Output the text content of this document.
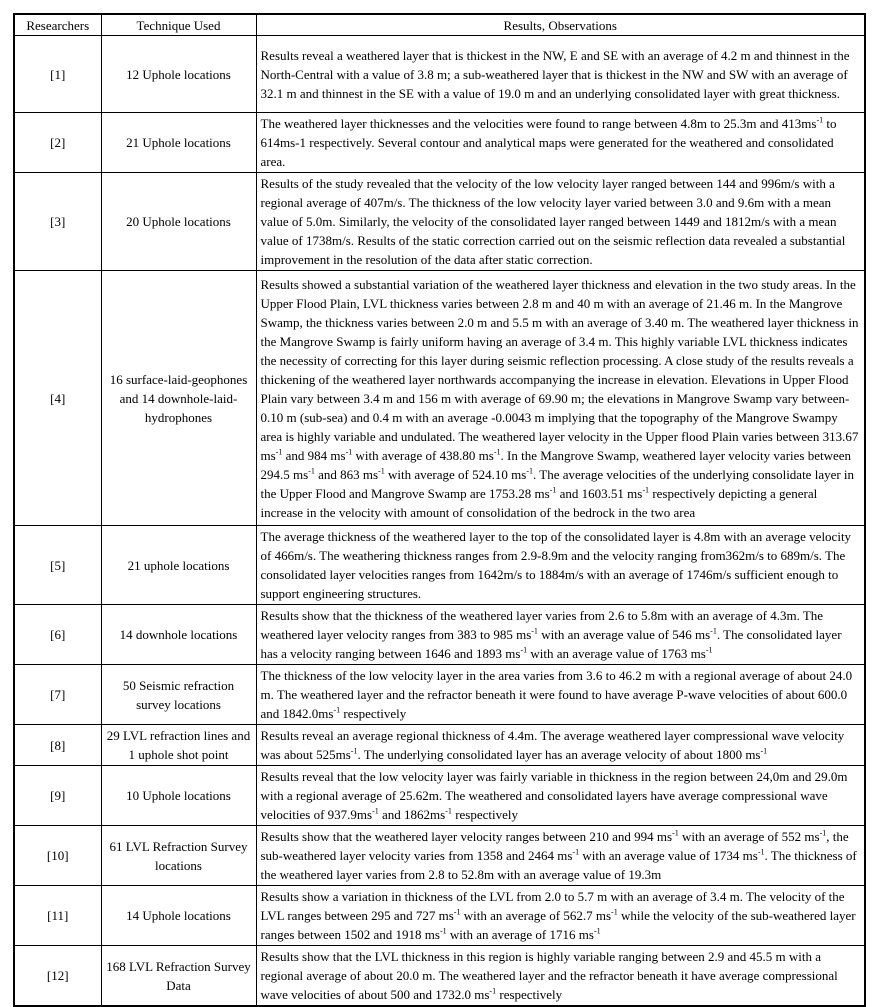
Researchers	Technique Used	Results, Observations
[1]	12 Uphole locations	Results reveal a weathered layer that is thickest in the NW, E and SE with an average of 4.2 m and thinnest in the North-Central with a value of 3.8 m; a sub-weathered layer that is thickest in the NW and SW with an average of 32.1 m and thinnest in the SE with a value of 19.0 m and an underlying consolidated layer with great thickness.
[2]	21 Uphole locations	The weathered layer thicknesses and the velocities were found to range between 4.8m to 25.3m and $413ms^{-1}$ to 614ms-1 respectively. Several contour and analytical maps were generated for the weathered and consolidated area.
[3]	20 Uphole locations	Results of the study revealed that the velocity of the low velocity layer ranged between 144 and 996m/s with a regional average of 407m/s. The thickness of the low velocity layer varied between 3.0 and 9.6m with a mean value of 5.0m. Similarly, the velocity of the consolidated layer ranged between 1449 and 1812m/s with a mean value of 1738m/s. Results of the static correction carried out on the seismic reflection data revealed a substantial improvement in the resolution of the data after static correction.
[4]	16 surface-laid-geophones and 14 downhole-laid-hydrophones	Results showed a substantial variation of the weathered layer thickness and elevation in the two study areas. In the Upper Flood Plain, LVL thickness varies between 2.8 m and 40 m with an average of 21.46 m. In the Mangrove Swamp, the thickness varies between 2.0 m and 5.5 m with an average of 3.40 m. The weathered layer thickness in the Mangrove Swamp is fairly uniform having an average of 3.4 m. This highly variable LVL thickness indicates the necessity of correcting for this layer during seismic reflection processing. A close study of the results reveals a thickening of the weathered layer northwards accompanying the increase in elevation. Elevations in Upper Flood Plain vary between 3.4 m and 156 m with average of 69.90 m; the elevations in Mangrove Swamp vary between-0.10 m (sub-sea) and 0.4 m with an average -0.0043 m implying that the topography of the Mangrove Swampy area is highly variable and undulated. The weathered layer velocity in the Upper flood Plain varies between 313.67 $ms^{-1}$ and 984 $ms^{-1}$ with average of 438.80 $ms^{-1}$. In the Mangrove Swamp, weathered layer velocity varies between 294.5 $ms^{-1}$ and 863 $ms^{-1}$ with average of 524.10 $ms^{-1}$. The average velocities of the underlying consolidate layer in the Upper Flood and Mangrove Swamp are 1753.28 $ms^{-1}$ and 1603.51 $ms^{-1}$ respectively depicting a general increase in the velocity with amount of consolidation of the bedrock in the two area
[5]	21 uphole locations	The average thickness of the weathered layer to the top of the consolidated layer is 4.8m with an average velocity of 466m/s. The weathering thickness ranges from 2.9-8.9m and the velocity ranging from362m/s to 689m/s. The consolidated layer velocities ranges from 1642m/s to 1884m/s with an average of 1746m/s sufficient enough to support engineering structures.
[6]	14 downhole locations	Results show that the thickness of the weathered layer varies from 2.6 to 5.8m with an average of 4.3m. The weathered layer velocity ranges from 383 to 985 $ms^{-1}$ with an average value of 546 $ms^{-1}$. The consolidated layer has a velocity ranging between 1646 and 1893 $ms^{-1}$ with an average value of 1763 $ms^{-1}$
[7]	50 Seismic refraction survey locations	The thickness of the low velocity layer in the area varies from 3.6 to 46.2 m with a regional average of about 24.0 m. The weathered layer and the refractor beneath it were found to have average P-wave velocities of about 600.0 and $1842.0ms^{-1}$ respectively
[8]	29 LVL refraction lines and 1 uphole shot point	Results reveal an average regional thickness of 4.4m. The average weathered layer compressional wave velocity was about $525ms^{-1}$. The underlying consolidated layer has an average velocity of about 1800 $ms^{-1}$
[9]	10 Uphole locations	Results reveal that the low velocity layer was fairly variable in thickness in the region between 24,0m and 29.0m with a regional average of 25.62m. The weathered and consolidated layers have average compressional wave velocities of $937.9ms^{-1}$ and $1862ms^{-1}$ respectively
[10]	61 LVL Refraction Survey locations	Results show that the weathered layer velocity ranges between 210 and 994 $ms^{-1}$ with an average of 552 $ms^{-1}$, the sub-weathered layer velocity varies from 1358 and 2464 $ms^{-1}$ with an average value of 1734 $ms^{-1}$. The thickness of the weathered layer varies from 2.8 to 52.8m with an average value of 19.3m
[11]	14 Uphole locations	Results show a variation in thickness of the LVL from 2.0 to 5.7 m with an average of 3.4 m. The velocity of the LVL ranges between 295 and 727 $ms^{-1}$ with an average of 562.7 $ms^{-1}$ while the velocity of the sub-weathered layer ranges between 1502 and 1918 $ms^{-1}$ with an average of 1716 $ms^{-1}$
[12]	168 LVL Refraction Survey Data	Results show that the LVL thickness in this region is highly variable ranging between 2.9 and 45.5 m with a regional average of about 20.0 m. The weathered layer and the refractor beneath it have average compressional wave velocities of about 500 and 1732.0 $ms^{-1}$ respectively
